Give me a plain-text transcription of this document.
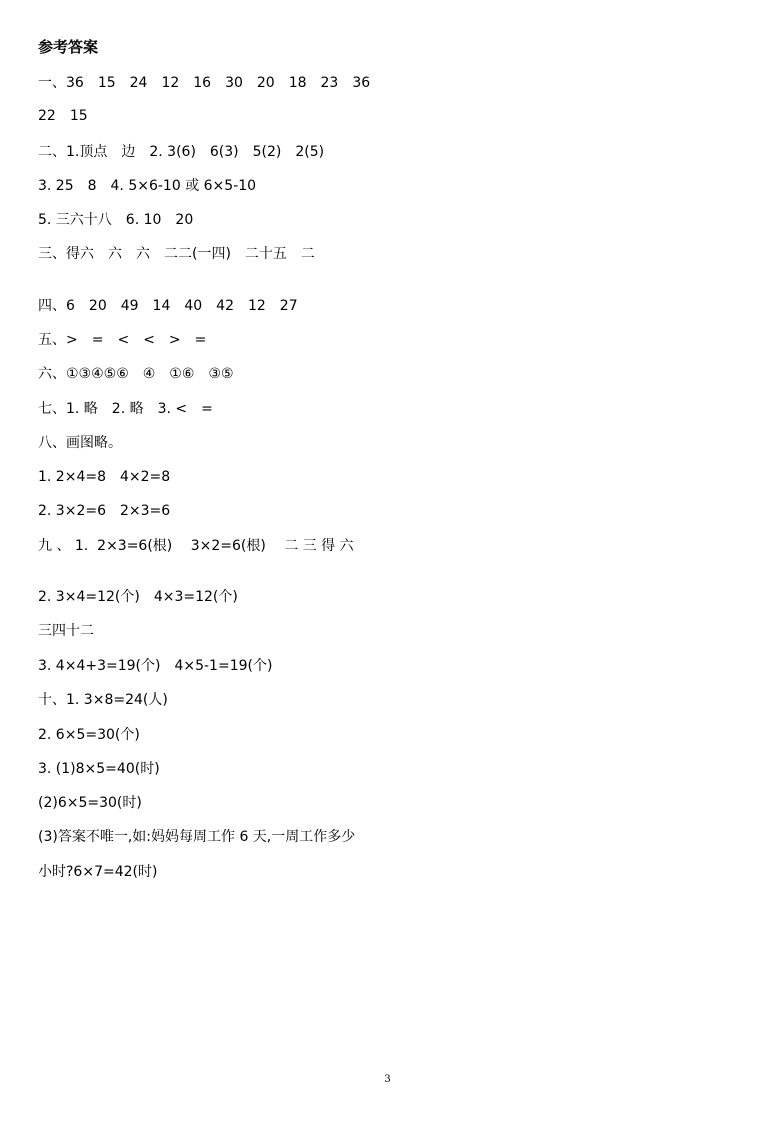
参考答案
一、36　15　24　12　16　30　20　18　23　36
22　15
二、1.顶点　边　2. 3(6)　6(3)　5(2)　2(5)
3. 25　8　4. 5×6-10 或 6×5-10
5. 三六十八　6. 10　20
三、得六　六　六　二二(一四)　二十五　二
四、6　20　49　14　40　42　12　27
五、>　=　<　<　>　=
六、①③④⑤⑥　④　①⑥　③⑤
七、1. 略　2. 略　3. <　=
八、画图略。
1. 2×4=8　4×2=8
2. 3×2=6　2×3=6
九 、 1.  2×3=6(根)　 3×2=6(根)　 二 三 得 六
2. 3×4=12(个)　4×3=12(个)
三四十二
3. 4×4+3=19(个)　4×5-1=19(个)
十、1. 3×8=24(人)
2. 6×5=30(个)
3. (1)8×5=40(时)
(2)6×5=30(时)
(3)答案不唯一,如:妈妈每周工作 6 天,一周工作多少
小时?6×7=42(时)
3
